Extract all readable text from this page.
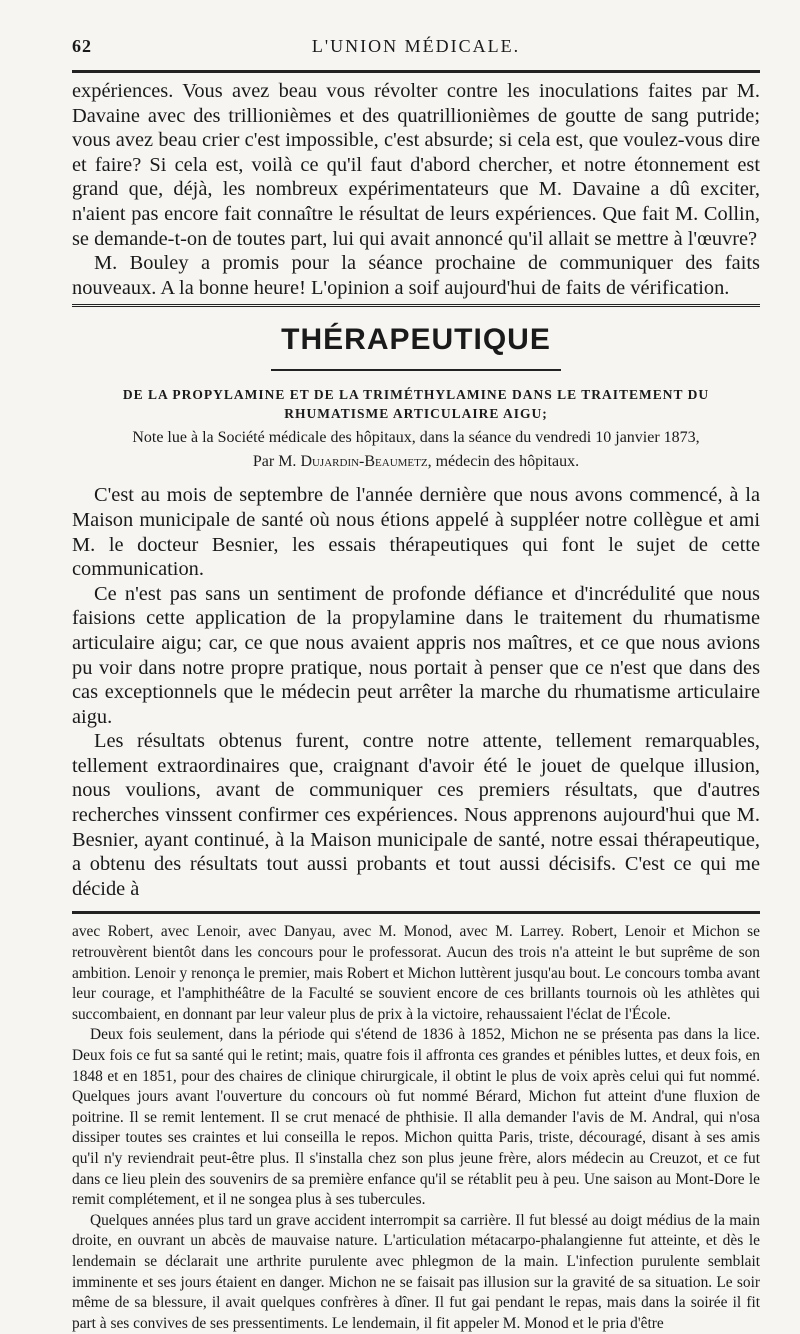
62	L'UNION MÉDICALE.

expériences. Vous avez beau vous révolter contre les inoculations faites par M. Davaine avec des trillionièmes et des quatrillionièmes de goutte de sang putride; vous avez beau crier c'est impossible, c'est absurde; si cela est, que voulez-vous dire et faire? Si cela est, voilà ce qu'il faut d'abord chercher, et notre étonnement est grand que, déjà, les nombreux expérimentateurs que M. Davaine a dû exciter, n'aient pas encore fait connaître le résultat de leurs expériences. Que fait M. Collin, se demande-t-on de toutes part, lui qui avait annoncé qu'il allait se mettre à l'œuvre?

M. Bouley a promis pour la séance prochaine de communiquer des faits nouveaux. A la bonne heure! L'opinion a soif aujourd'hui de faits de vérification.

THÉRAPEUTIQUE
DE LA PROPYLAMINE ET DE LA TRIMÉTHYLAMINE DANS LE TRAITEMENT DU RHUMATISME ARTICULAIRE AIGU;
Note lue à la Société médicale des hôpitaux, dans la séance du vendredi 10 janvier 1873,
Par M. Dujardin-Beaumetz, médecin des hôpitaux.

C'est au mois de septembre de l'année dernière que nous avons commencé, à la Maison municipale de santé où nous étions appelé à suppléer notre collègue et ami M. le docteur Besnier, les essais thérapeutiques qui font le sujet de cette communication.

Ce n'est pas sans un sentiment de profonde défiance et d'incrédulité que nous faisions cette application de la propylamine dans le traitement du rhumatisme articulaire aigu; car, ce que nous avaient appris nos maîtres, et ce que nous avions pu voir dans notre propre pratique, nous portait à penser que ce n'est que dans des cas exceptionnels que le médecin peut arrêter la marche du rhumatisme articulaire aigu.

Les résultats obtenus furent, contre notre attente, tellement remarquables, tellement extraordinaires que, craignant d'avoir été le jouet de quelque illusion, nous voulions, avant de communiquer ces premiers résultats, que d'autres recherches vinssent confirmer ces expériences. Nous apprenons aujourd'hui que M. Besnier, ayant continué, à la Maison municipale de santé, notre essai thérapeutique, a obtenu des résultats tout aussi probants et tout aussi décisifs. C'est ce qui me décide à

avec Robert, avec Lenoir, avec Danyau, avec M. Monod, avec M. Larrey. Robert, Lenoir et Michon se retrouvèrent bientôt dans les concours pour le professorat. Aucun des trois n'a atteint le but suprême de son ambition. Lenoir y renonça le premier, mais Robert et Michon luttèrent jusqu'au bout. Le concours tomba avant leur courage, et l'amphithéâtre de la Faculté se souvient encore de ces brillants tournois où les athlètes qui succombaient, en donnant par leur valeur plus de prix à la victoire, rehaussaient l'éclat de l'École.

Deux fois seulement, dans la période qui s'étend de 1836 à 1852, Michon ne se présenta pas dans la lice. Deux fois ce fut sa santé qui le retint; mais, quatre fois il affronta ces grandes et pénibles luttes, et deux fois, en 1848 et en 1851, pour des chaires de clinique chirurgicale, il obtint le plus de voix après celui qui fut nommé. Quelques jours avant l'ouverture du concours où fut nommé Bérard, Michon fut atteint d'une fluxion de poitrine. Il se remit lentement. Il se crut menacé de phthisie. Il alla demander l'avis de M. Andral, qui n'osa dissiper toutes ses craintes et lui conseilla le repos. Michon quitta Paris, triste, découragé, disant à ses amis qu'il n'y reviendrait peut-être plus. Il s'installa chez son plus jeune frère, alors médecin au Creuzot, et ce fut dans ce lieu plein des souvenirs de sa première enfance qu'il se rétablit peu à peu. Une saison au Mont-Dore le remit complétement, et il ne songea plus à ses tubercules.

Quelques années plus tard un grave accident interrompit sa carrière. Il fut blessé au doigt médius de la main droite, en ouvrant un abcès de mauvaise nature. L'articulation métacarpo-phalangienne fut atteinte, et dès le lendemain se déclarait une arthrite purulente avec phlegmon de la main. L'infection purulente semblait imminente et ses jours étaient en danger. Michon ne se faisait pas illusion sur la gravité de sa situation. Le soir même de sa blessure, il avait quelques confrères à dîner. Il fut gai pendant le repas, mais dans la soirée il fit part à ses convives de ses pressentiments. Le lendemain, il fit appeler M. Monod et le pria d'être
